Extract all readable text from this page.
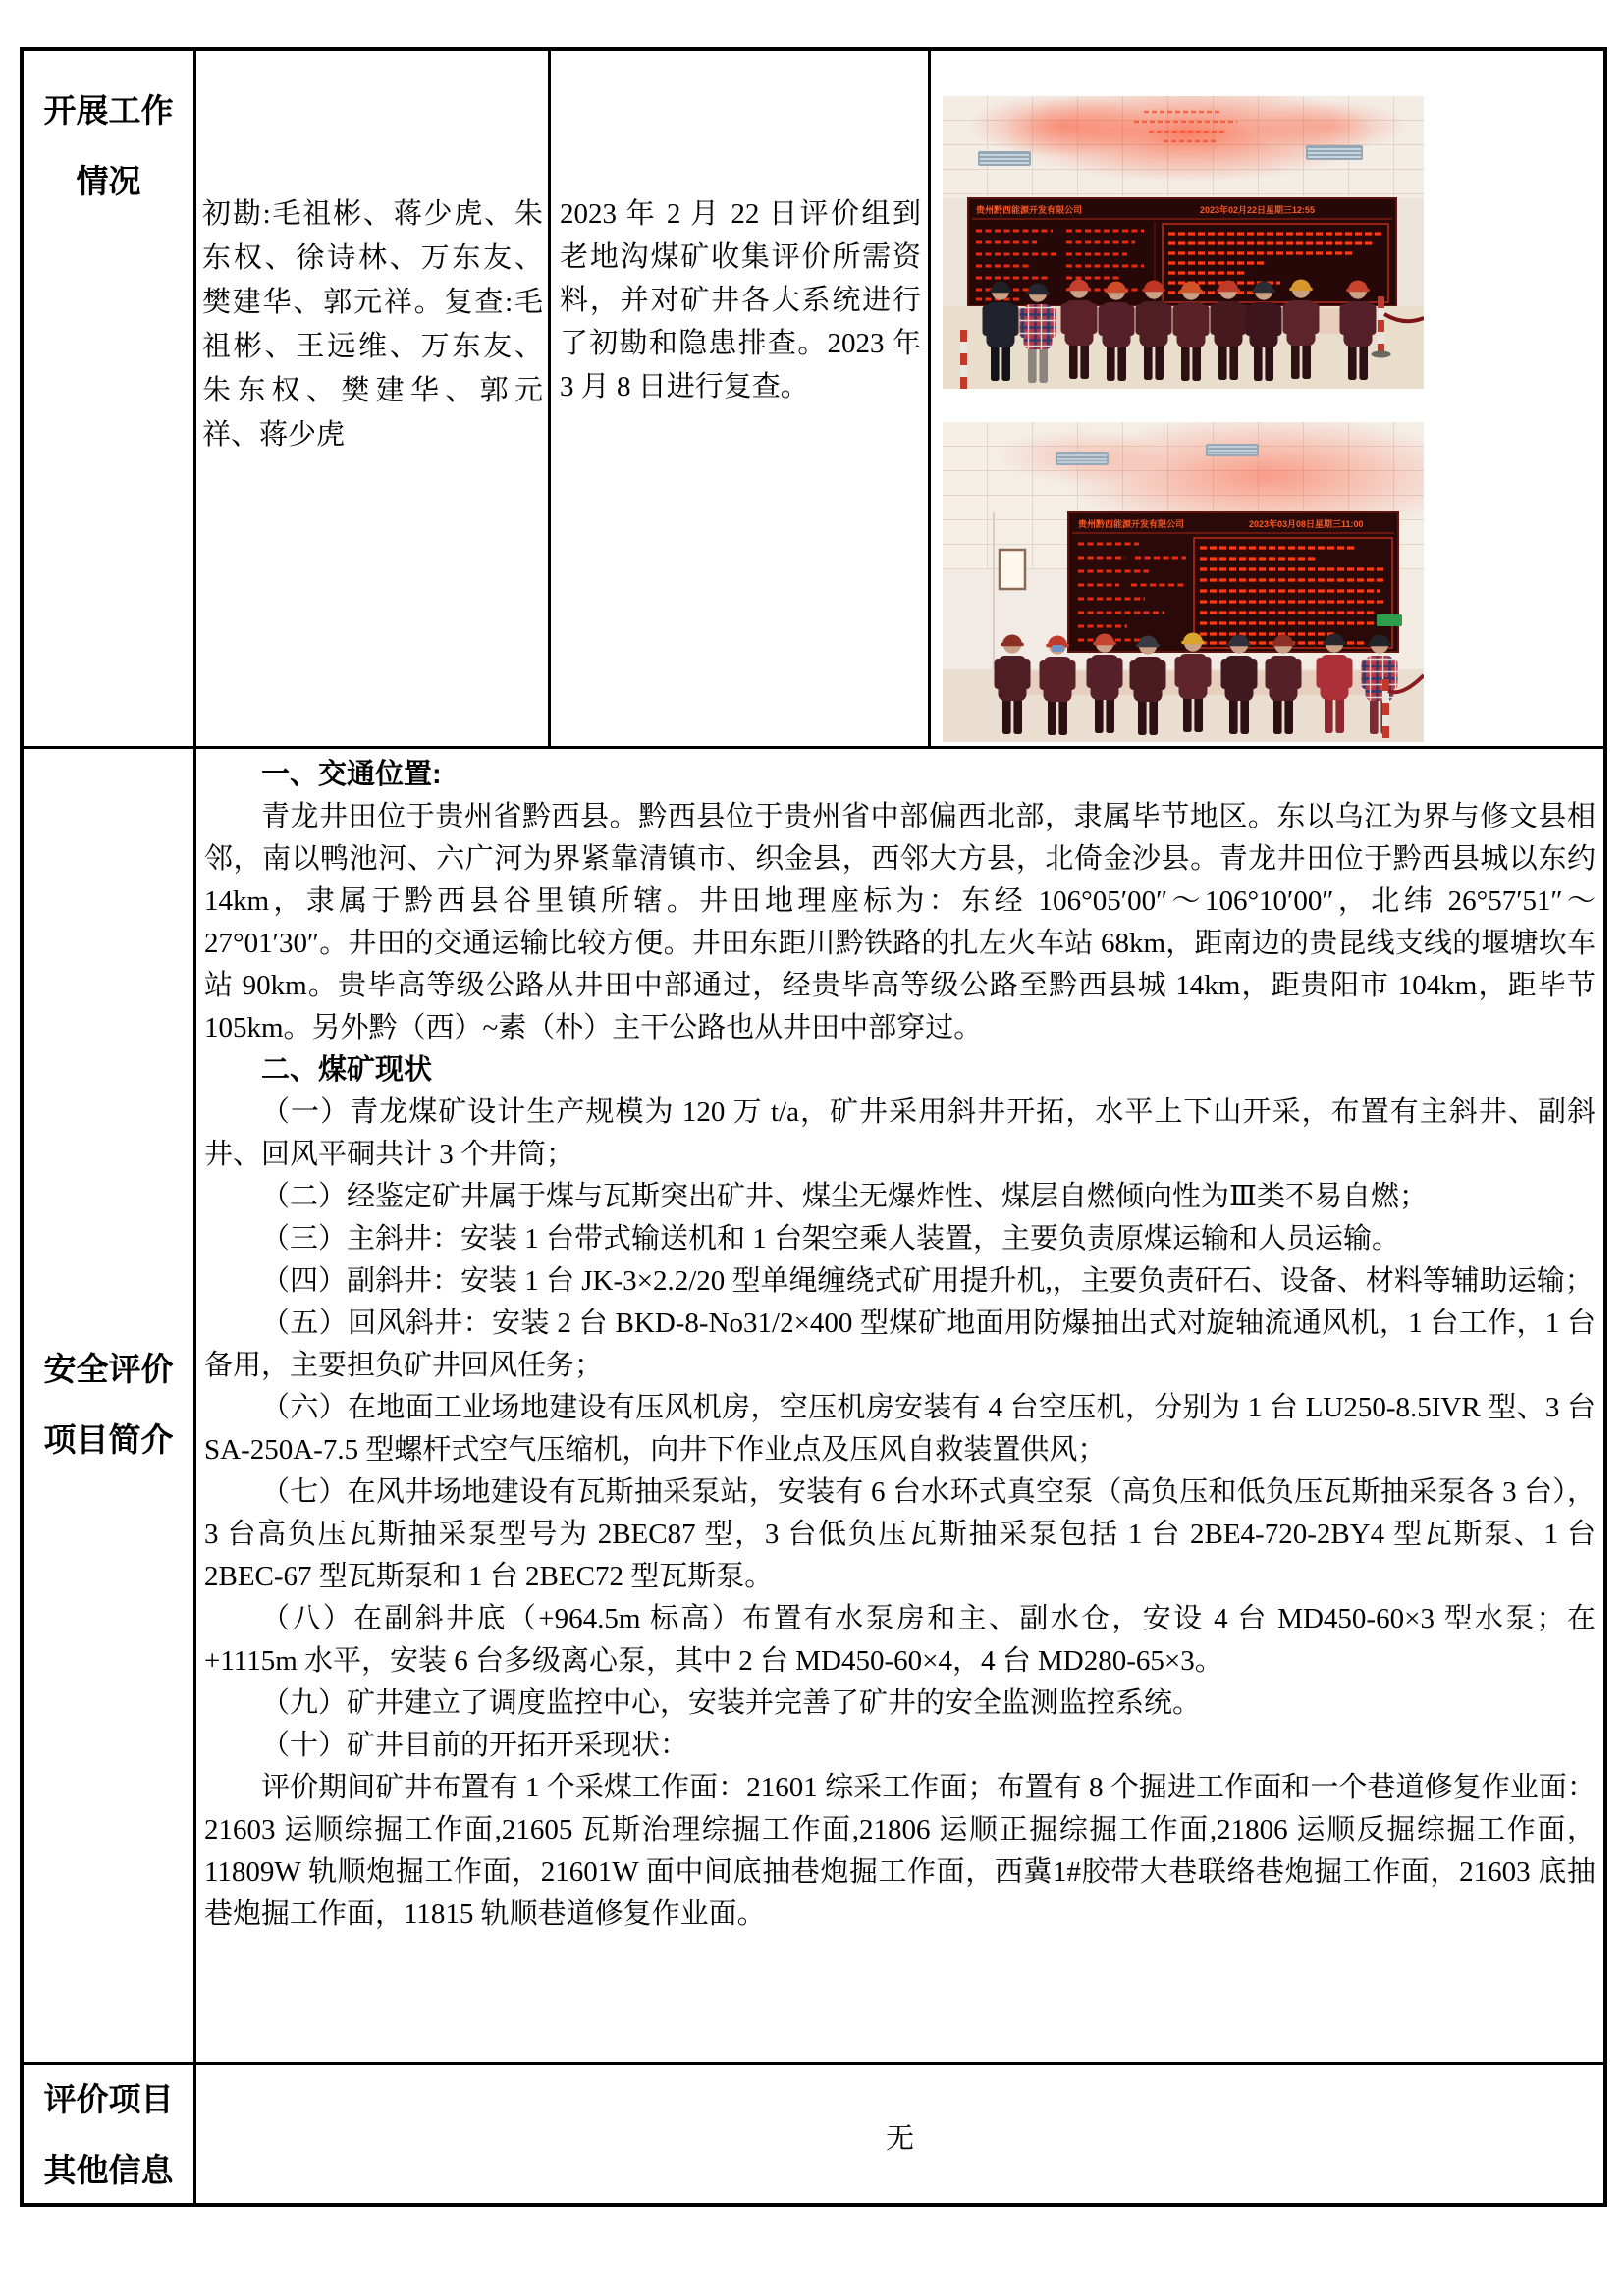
开展工作
情况

初勘:毛祖彬、蒋少虎、朱东权、徐诗林、万东友、樊建华、郭元祥。复查:毛祖彬、王远维、万东友、朱东权、樊建华、郭元祥、蒋少虎

2023 年 2 月 22 日评价组到老地沟煤矿收集评价所需资料，并对矿井各大系统进行了初勘和隐患排查。2023 年 3 月 8 日进行复查。

贵州黔西能源开发有限公司	2023年02月22日星期三12:55
贵州黔西能源开发有限公司	2023年03月08日星期三11:00
安全评价
项目简介

一、交通位置:

青龙井田位于贵州省黔西县。黔西县位于贵州省中部偏西北部，隶属毕节地区。东以乌江为界与修文县相邻，南以鸭池河、六广河为界紧靠清镇市、织金县，西邻大方县，北倚金沙县。青龙井田位于黔西县城以东约 14km，隶属于黔西县谷里镇所辖。井田地理座标为：东经 106°05′00″～106°10′00″，北纬 26°57′51″～27°01′30″。井田的交通运输比较方便。井田东距川黔铁路的扎左火车站 68km，距南边的贵昆线支线的堰塘坎车站 90km。贵毕高等级公路从井田中部通过，经贵毕高等级公路至黔西县城 14km，距贵阳市 104km，距毕节 105km。另外黔（西）~素（朴）主干公路也从井田中部穿过。

二、煤矿现状

（一）青龙煤矿设计生产规模为 120 万 t/a，矿井采用斜井开拓，水平上下山开采，布置有主斜井、副斜井、回风平硐共计 3 个井筒；

（二）经鉴定矿井属于煤与瓦斯突出矿井、煤尘无爆炸性、煤层自燃倾向性为Ⅲ类不易自燃；

（三）主斜井：安装 1 台带式输送机和 1 台架空乘人装置，主要负责原煤运输和人员运输。

（四）副斜井：安装 1 台 JK-3×2.2/20 型单绳缠绕式矿用提升机,，主要负责矸石、设备、材料等辅助运输；

（五）回风斜井：安装 2 台 BKD-8-No31/2×400 型煤矿地面用防爆抽出式对旋轴流通风机，1 台工作，1 台备用，主要担负矿井回风任务；

（六）在地面工业场地建设有压风机房，空压机房安装有 4 台空压机，分别为 1 台 LU250-8.5IVR 型、3 台 SA-250A-7.5 型螺杆式空气压缩机，向井下作业点及压风自救装置供风；

（七）在风井场地建设有瓦斯抽采泵站，安装有 6 台水环式真空泵（高负压和低负压瓦斯抽采泵各 3 台），3 台高负压瓦斯抽采泵型号为 2BEC87 型，3 台低负压瓦斯抽采泵包括 1 台 2BE4-720-2BY4 型瓦斯泵、1 台 2BEC-67 型瓦斯泵和 1 台 2BEC72 型瓦斯泵。

（八）在副斜井底（+964.5m 标高）布置有水泵房和主、副水仓，安设 4 台 MD450-60×3 型水泵；在+1115m 水平，安装 6 台多级离心泵，其中 2 台 MD450-60×4，4 台 MD280-65×3。

（九）矿井建立了调度监控中心，安装并完善了矿井的安全监测监控系统。

（十）矿井目前的开拓开采现状：

评价期间矿井布置有 1 个采煤工作面：21601 综采工作面；布置有 8 个掘进工作面和一个巷道修复作业面：21603 运顺综掘工作面,21605 瓦斯治理综掘工作面,21806 运顺正掘综掘工作面,21806 运顺反掘综掘工作面， 11809W 轨顺炮掘工作面，21601W 面中间底抽巷炮掘工作面，西冀1#胶带大巷联络巷炮掘工作面，21603 底抽巷炮掘工作面，11815 轨顺巷道修复作业面。

评价项目
其他信息

无
